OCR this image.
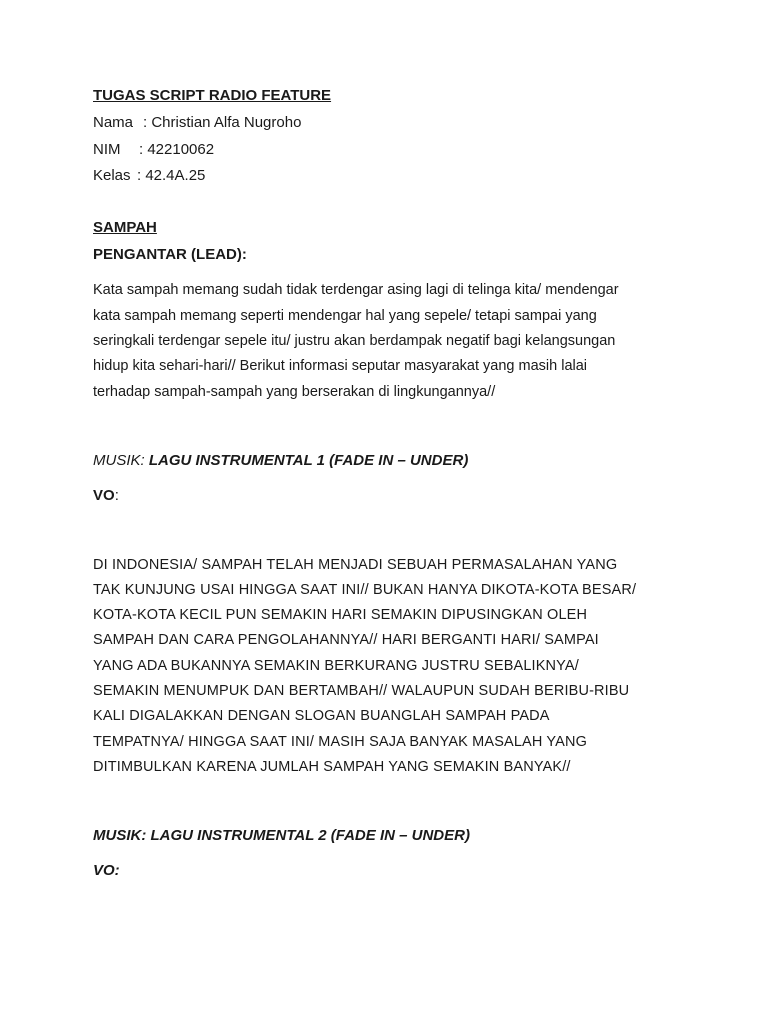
TUGAS SCRIPT RADIO FEATURE

Nama : Christian Alfa Nugroho

NIM : 42210062

Kelas : 42.4A.25

SAMPAH

PENGANTAR (LEAD):

Kata sampah memang sudah tidak terdengar asing lagi di telinga kita/ mendengar

kata sampah memang seperti mendengar hal yang sepele/ tetapi sampai yang

seringkali terdengar sepele itu/ justru akan berdampak negatif bagi kelangsungan

hidup kita sehari-hari// Berikut informasi seputar masyarakat yang masih lalai

terhadap sampah-sampah yang berserakan di lingkungannya//

MUSIK: LAGU INSTRUMENTAL 1 (FADE IN – UNDER)

VO:

DI INDONESIA/ SAMPAH TELAH MENJADI SEBUAH PERMASALAHAN YANG

TAK KUNJUNG USAI HINGGA SAAT INI// BUKAN HANYA DIKOTA-KOTA BESAR/

KOTA-KOTA KECIL PUN SEMAKIN HARI SEMAKIN DIPUSINGKAN OLEH

SAMPAH DAN CARA PENGOLAHANNYA// HARI BERGANTI HARI/ SAMPAI

YANG ADA BUKANNYA SEMAKIN BERKURANG JUSTRU SEBALIKNYA/

SEMAKIN MENUMPUK DAN BERTAMBAH// WALAUPUN SUDAH BERIBU-RIBU

KALI DIGALAKKAN DENGAN SLOGAN BUANGLAH SAMPAH PADA

TEMPATNYA/ HINGGA SAAT INI/ MASIH SAJA BANYAK MASALAH YANG

DITIMBULKAN KARENA JUMLAH SAMPAH YANG SEMAKIN BANYAK//

MUSIK: LAGU INSTRUMENTAL 2 (FADE IN – UNDER)

VO:
